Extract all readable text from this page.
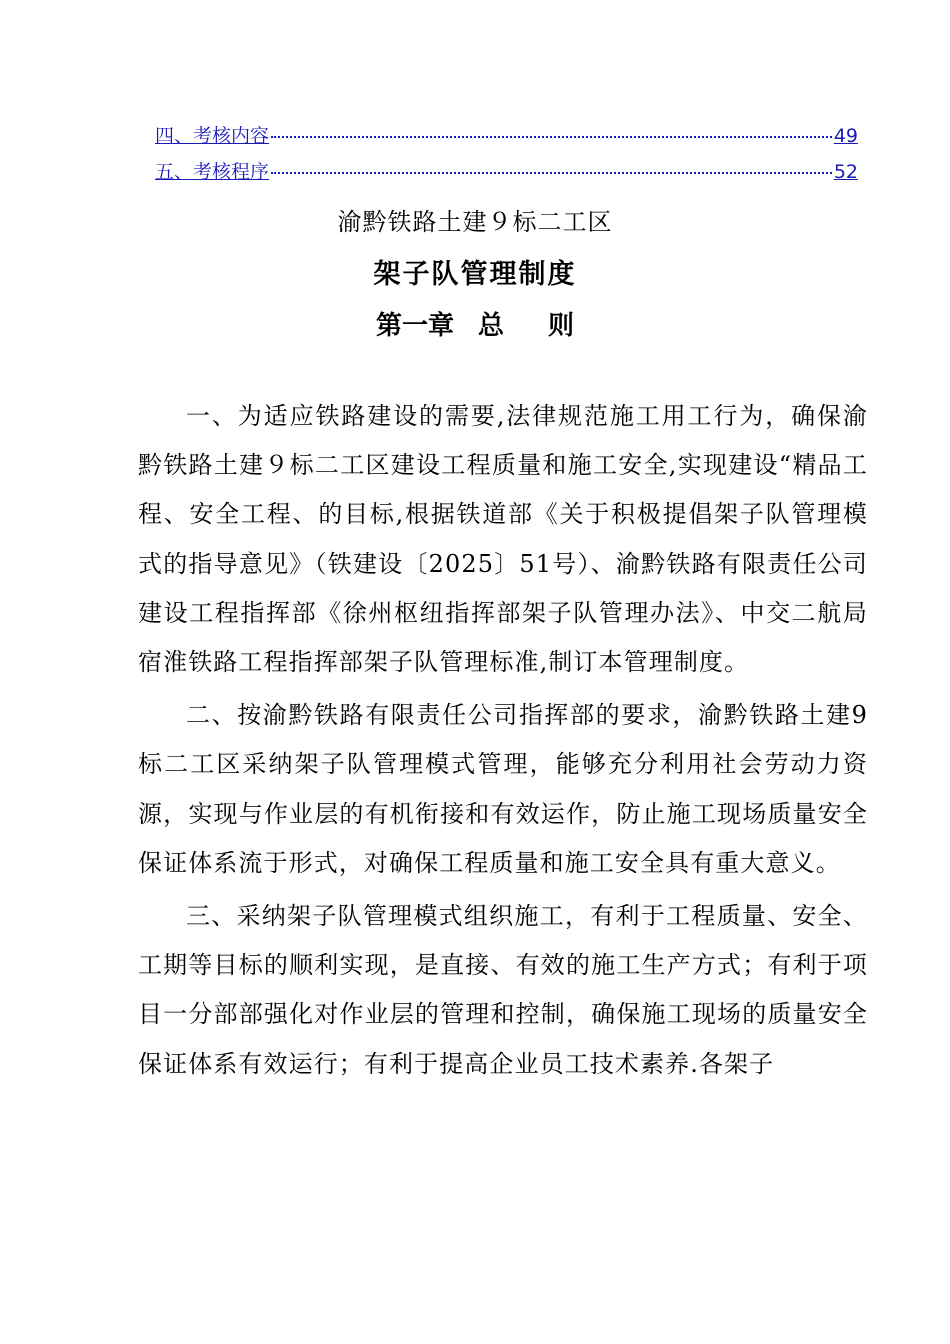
四、考核内容	49
五、考核程序	52
渝黔铁路土建９标二工区
架子队管理制度
第一章 总 则

一、为适应铁路建设的需要,法律规范施工用工行为，确保渝黔铁路土建９标二工区建设工程质量和施工安全,实现建设“精品工程、安全工程、的目标,根据铁道部《关于积极提倡架子队管理模式的指导意见》（铁建设〔2025〕51号）、渝黔铁路有限责任公司建设工程指挥部《徐州枢纽指挥部架子队管理办法》、中交二航局宿淮铁路工程指挥部架子队管理标准,制订本管理制度。

二、按渝黔铁路有限责任公司指挥部的要求，渝黔铁路土建9标二工区采纳架子队管理模式管理，能够充分利用社会劳动力资源，实现与作业层的有机衔接和有效运作，防止施工现场质量安全保证体系流于形式，对确保工程质量和施工安全具有重大意义。

三、采纳架子队管理模式组织施工，有利于工程质量、安全、工期等目标的顺利实现，是直接、有效的施工生产方式；有利于项目一分部部强化对作业层的管理和控制，确保施工现场的质量安全保证体系有效运行；有利于提高企业员工技术素养.各架子
